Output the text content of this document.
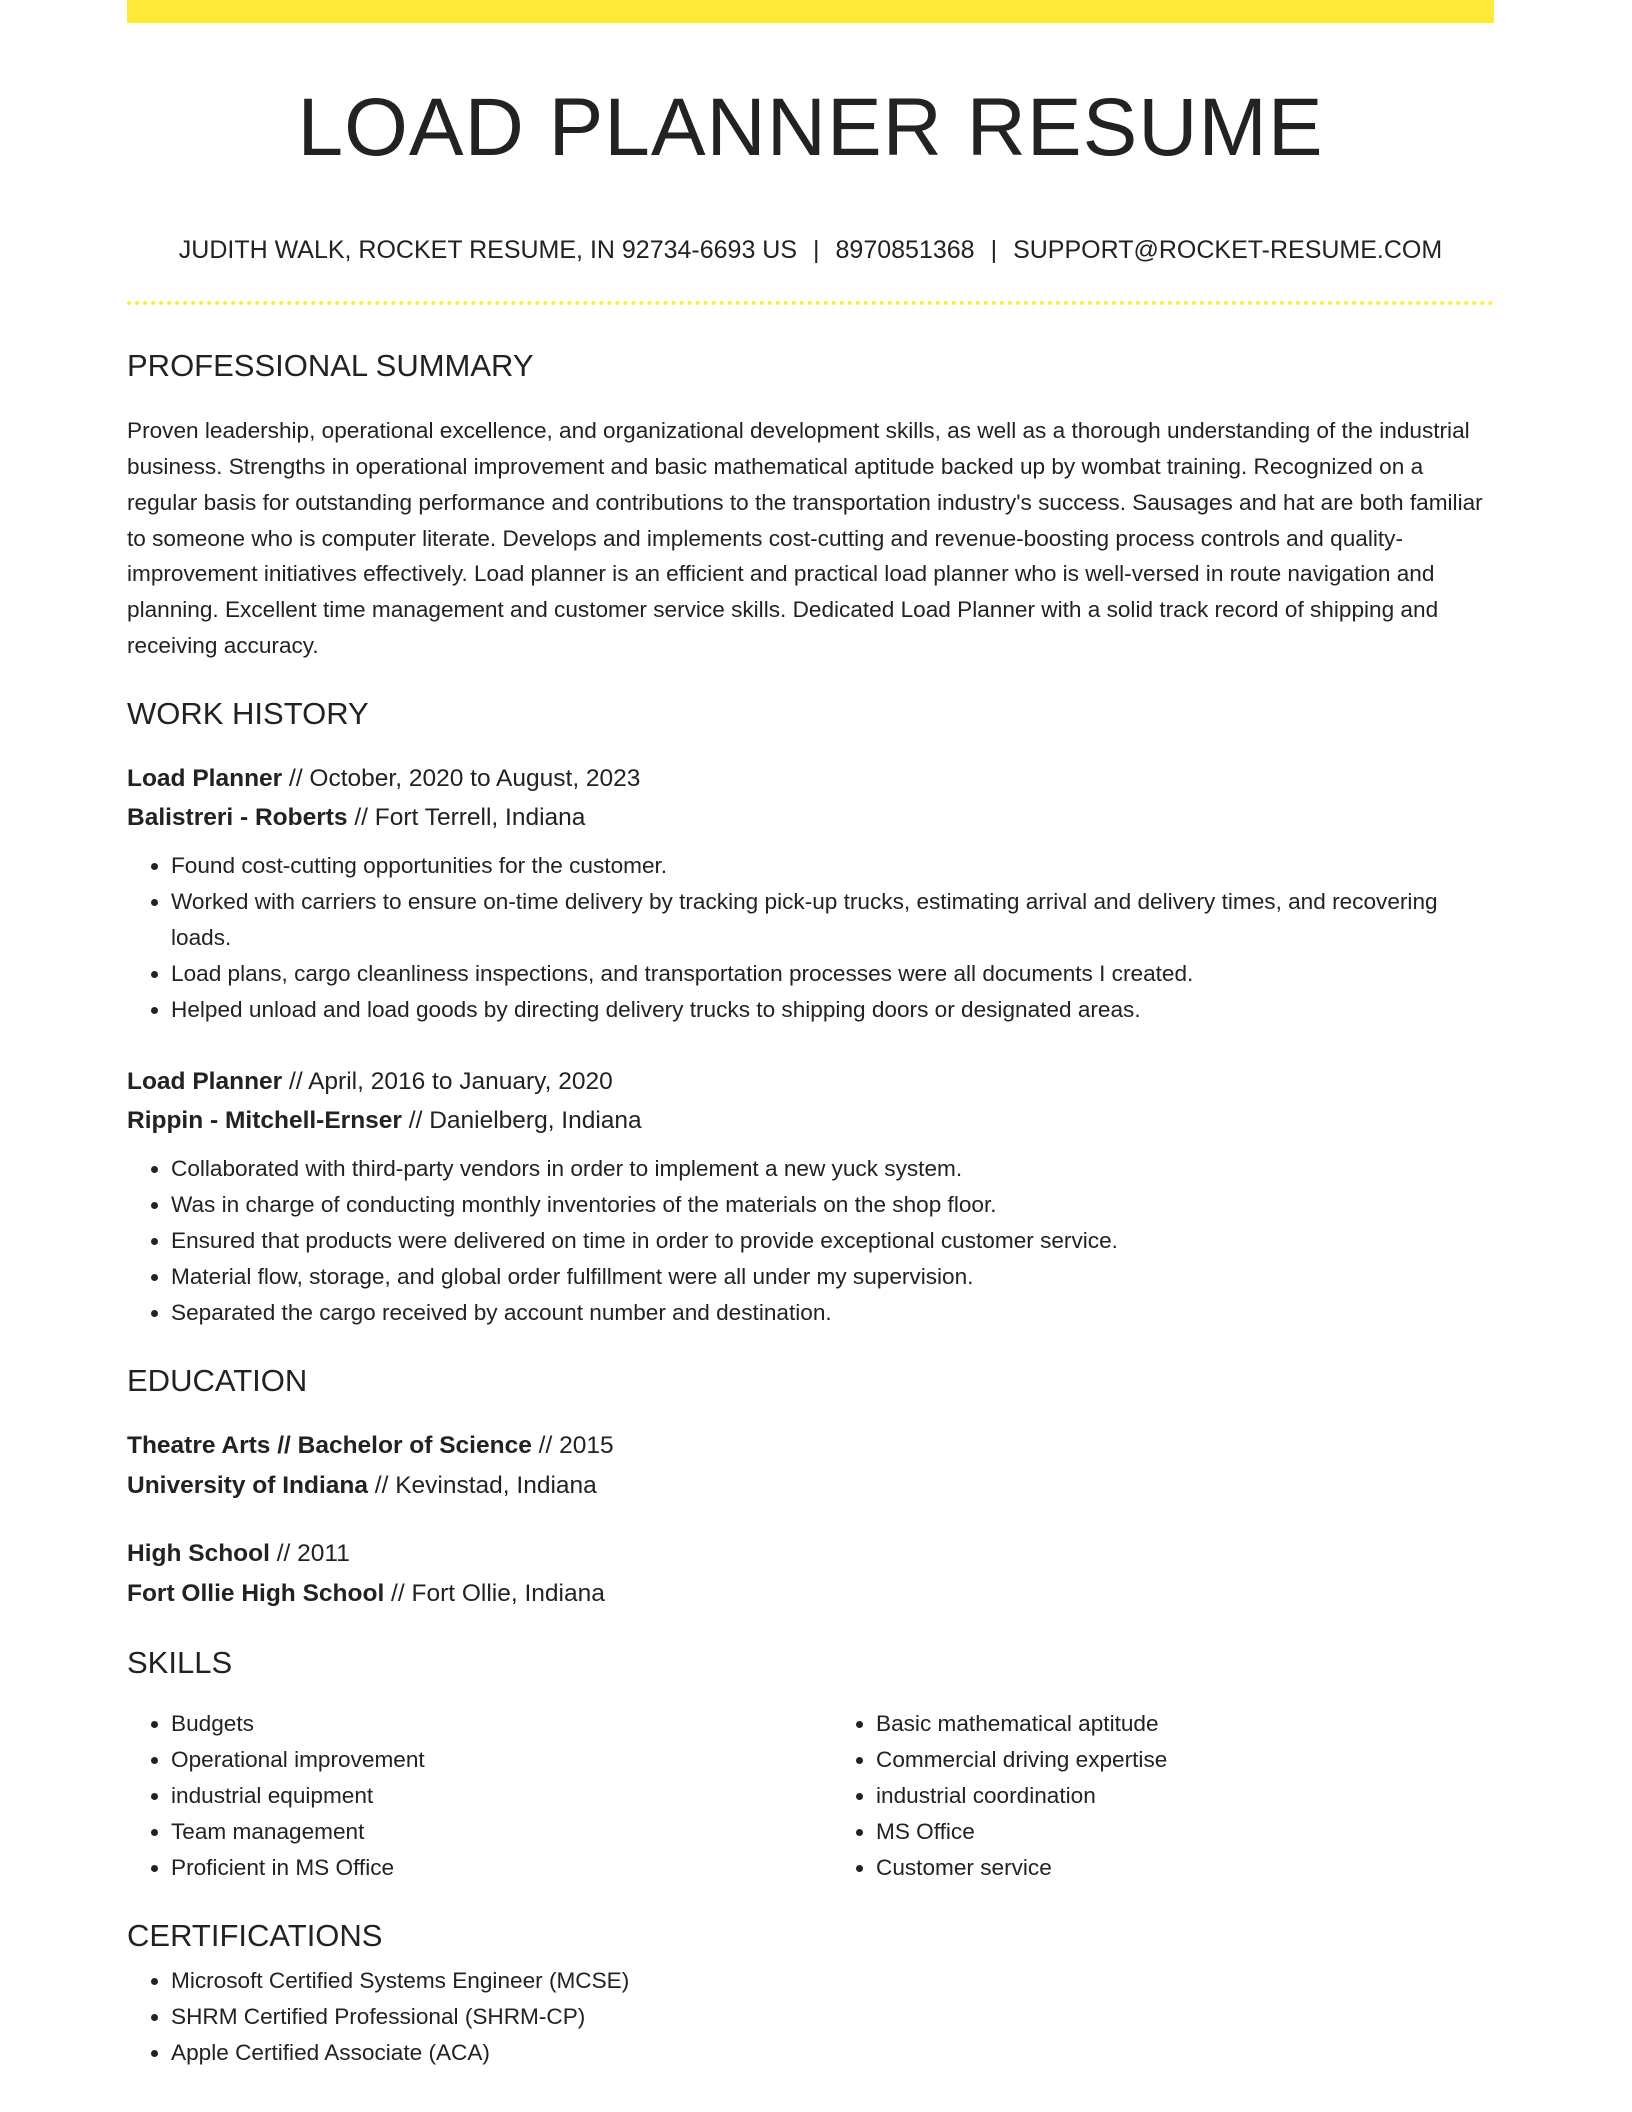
LOAD PLANNER RESUME
JUDITH WALK, ROCKET RESUME, IN 92734-6693 US | 8970851368 | SUPPORT@ROCKET-RESUME.COM
PROFESSIONAL SUMMARY

Proven leadership, operational excellence, and organizational development skills, as well as a thorough understanding of the industrial business. Strengths in operational improvement and basic mathematical aptitude backed up by wombat training. Recognized on a regular basis for outstanding performance and contributions to the transportation industry's success. Sausages and hat are both familiar to someone who is computer literate. Develops and implements cost-cutting and revenue-boosting process controls and quality-improvement initiatives effectively. Load planner is an efficient and practical load planner who is well-versed in route navigation and planning. Excellent time management and customer service skills. Dedicated Load Planner with a solid track record of shipping and receiving accuracy.

WORK HISTORY
Load Planner // October, 2020 to August, 2023
Balistreri - Roberts // Fort Terrell, Indiana
• Found cost-cutting opportunities for the customer.
• Worked with carriers to ensure on-time delivery by tracking pick-up trucks, estimating arrival and delivery times, and recovering loads.
• Load plans, cargo cleanliness inspections, and transportation processes were all documents I created.
• Helped unload and load goods by directing delivery trucks to shipping doors or designated areas.
Load Planner // April, 2016 to January, 2020
Rippin - Mitchell-Ernser // Danielberg, Indiana
• Collaborated with third-party vendors in order to implement a new yuck system.
• Was in charge of conducting monthly inventories of the materials on the shop floor.
• Ensured that products were delivered on time in order to provide exceptional customer service.
• Material flow, storage, and global order fulfillment were all under my supervision.
• Separated the cargo received by account number and destination.
EDUCATION
Theatre Arts // Bachelor of Science // 2015
University of Indiana // Kevinstad, Indiana
High School // 2011
Fort Ollie High School // Fort Ollie, Indiana
SKILLS
• Budgets
• Operational improvement
• industrial equipment
• Team management
• Proficient in MS Office
• Basic mathematical aptitude
• Commercial driving expertise
• industrial coordination
• MS Office
• Customer service
CERTIFICATIONS
• Microsoft Certified Systems Engineer (MCSE)
• SHRM Certified Professional (SHRM-CP)
• Apple Certified Associate (ACA)
